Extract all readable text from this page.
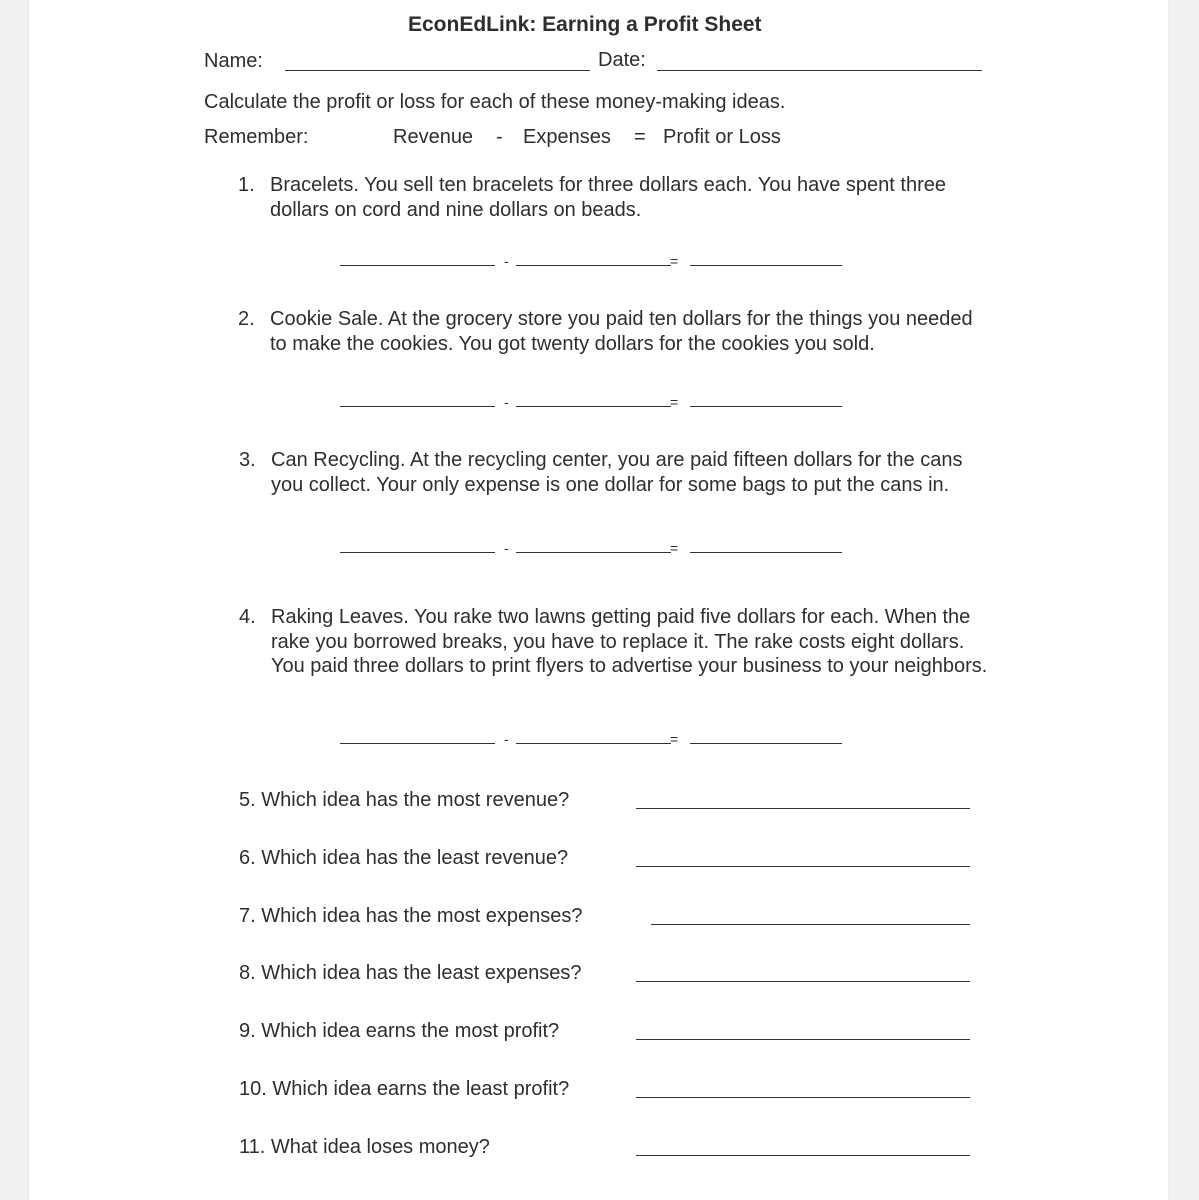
EconEdLink: Earning a Profit Sheet
Name:	Date:
Calculate the profit or loss for each of these money-making ideas.
Remember:	Revenue - Expenses = Profit or Loss
1. Bracelets. You sell ten bracelets for three dollars each. You have spent three dollars on cord and nine dollars on beads.
-	=
2. Cookie Sale. At the grocery store you paid ten dollars for the things you needed to make the cookies. You got twenty dollars for the cookies you sold.
-	=
3. Can Recycling. At the recycling center, you are paid fifteen dollars for the cans you collect. Your only expense is one dollar for some bags to put the cans in.
-	=
4. Raking Leaves. You rake two lawns getting paid five dollars for each. When the rake you borrowed breaks, you have to replace it. The rake costs eight dollars. You paid three dollars to print flyers to advertise your business to your neighbors.
-	=
5. Which idea has the most revenue?
6. Which idea has the least revenue?
7. Which idea has the most expenses?
8. Which idea has the least expenses?
9. Which idea earns the most profit?
10. Which idea earns the least profit?
11. What idea loses money?
